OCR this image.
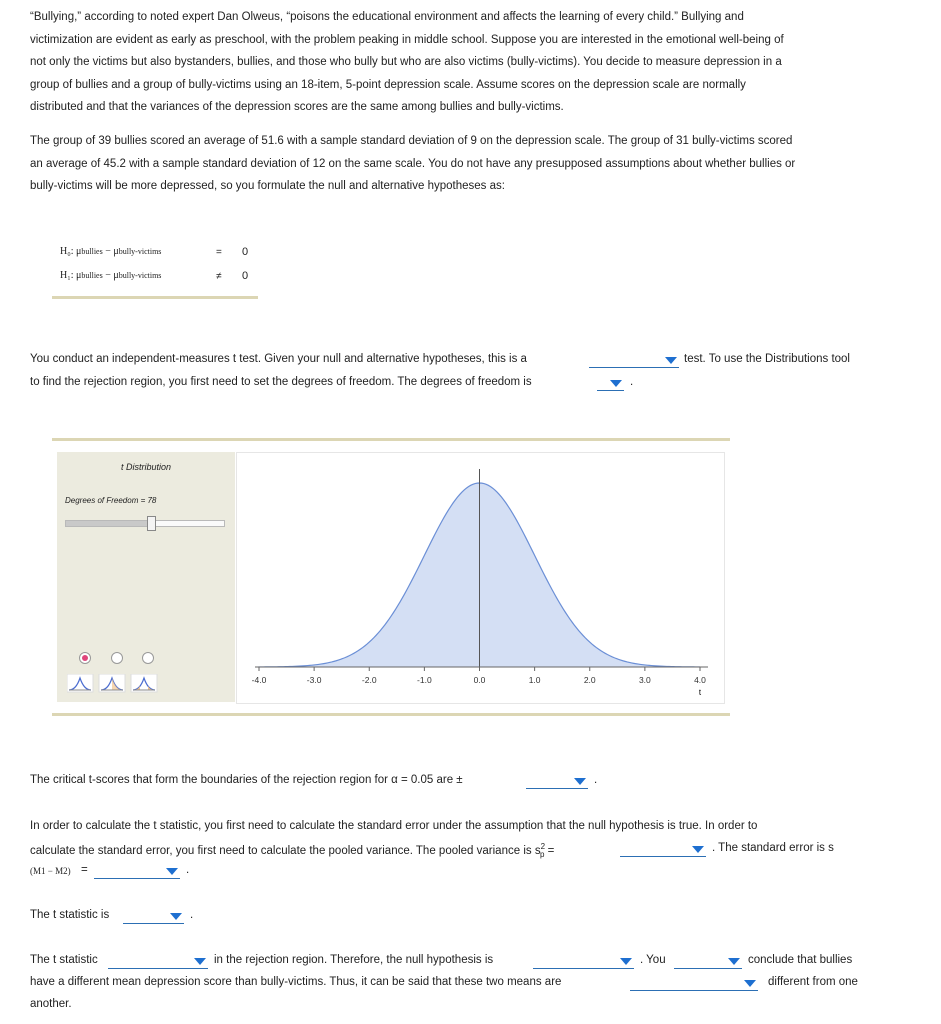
“Bullying,” according to noted expert Dan Olweus, “poisons the educational environment and affects the learning of every child.” Bullying and
victimization are evident as early as preschool, with the problem peaking in middle school. Suppose you are interested in the emotional well-being of
not only the victims but also bystanders, bullies, and those who bully but who are also victims (bully-victims). You decide to measure depression in a
group of bullies and a group of bully-victims using an 18-item, 5-point depression scale. Assume scores on the depression scale are normally
distributed and that the variances of the depression scores are the same among bullies and bully-victims.
The group of 39 bullies scored an average of 51.6 with a sample standard deviation of 9 on the depression scale. The group of 31 bully-victims scored
an average of 45.2 with a sample standard deviation of 12 on the same scale. You do not have any presupposed assumptions about whether bullies or
bully-victims will be more depressed, so you formulate the null and alternative hypotheses as:
H₀: μbullies − μbully-victims	= 0
H₁: μbullies − μbully-victims	≠ 0
You conduct an independent-measures t test. Given your null and alternative hypotheses, this is a	test. To use the Distributions tool
to find the rejection region, you first need to set the degrees of freedom. The degrees of freedom is	.
t Distribution
Degrees of Freedom = 78
-4.0	-3.0	-2.0	-1.0	0.0	1.0	2.0	3.0	4.0
t
The critical t-scores that form the boundaries of the rejection region for α = 0.05 are ±	.
In order to calculate the t statistic, you first need to calculate the standard error under the assumption that the null hypothesis is true. In order to
calculate the standard error, you first need to calculate the pooled variance. The pooled variance is $s^2_p$ =	. The standard error is s
(M1 − M2) =	.
The t statistic is	.
The t statistic	in the rejection region. Therefore, the null hypothesis is	. You	conclude that bullies
have a different mean depression score than bully-victims. Thus, it can be said that these two means are	different from one
another.
